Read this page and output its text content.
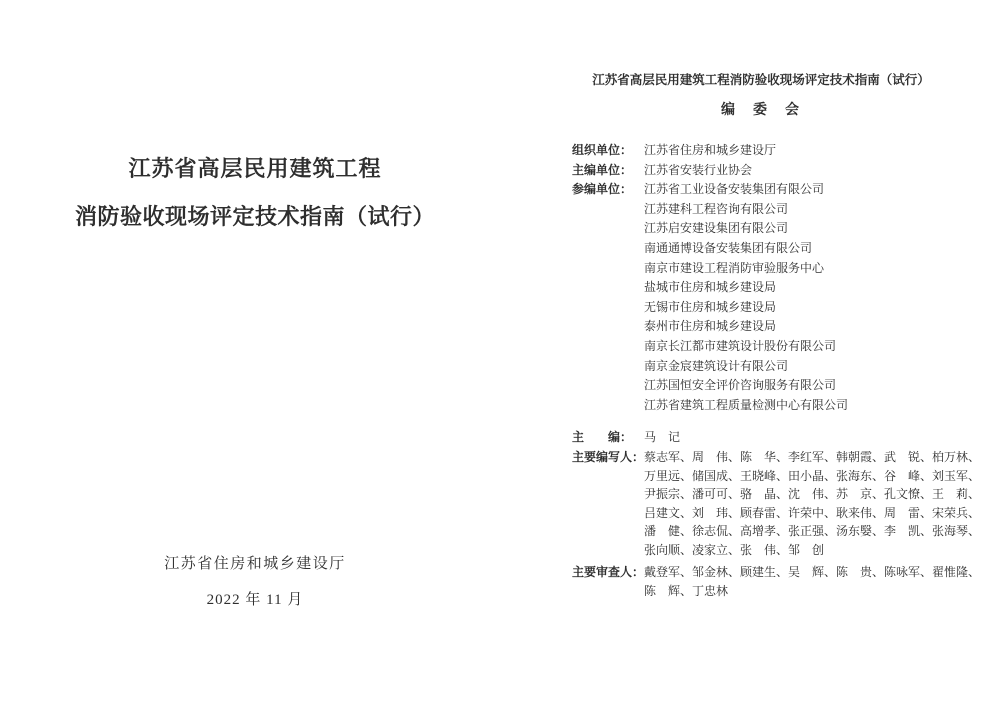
江苏省高层民用建筑工程
消防验收现场评定技术指南（试行）
江苏省住房和城乡建设厅
2022 年 11 月
江苏省高层民用建筑工程消防验收现场评定技术指南（试行）
编　委　会
组织单位： 江苏省住房和城乡建设厅
主编单位： 江苏省安装行业协会
参编单位： 江苏省工业设备安装集团有限公司
江苏建科工程咨询有限公司
江苏启安建设集团有限公司
南通通博设备安装集团有限公司
南京市建设工程消防审验服务中心
盐城市住房和城乡建设局
无锡市住房和城乡建设局
泰州市住房和城乡建设局
南京长江都市建筑设计股份有限公司
南京金宸建筑设计有限公司
江苏国恒安全评价咨询服务有限公司
江苏省建筑工程质量检测中心有限公司
主　　编： 马　记
主要编写人： 蔡志军、周　伟、陈　华、李红军、韩朝霞、武　锐、柏万林、
万里远、储国成、王晓峰、田小晶、张海东、谷　峰、刘玉军、
尹振宗、潘可可、骆　晶、沈　伟、苏　京、孔文憭、王　莉、
吕建文、刘　玮、顾春雷、许荣中、耿来伟、周　雷、宋荣兵、
潘　健、徐志侃、高增孝、张正强、汤东嫛、李　凯、张海琴、
张向顺、凌家立、张　伟、邹　创
主要审查人： 戴登军、邹金林、顾建生、吴　辉、陈　贵、陈咏军、翟惟隆、
陈　辉、丁忠林
